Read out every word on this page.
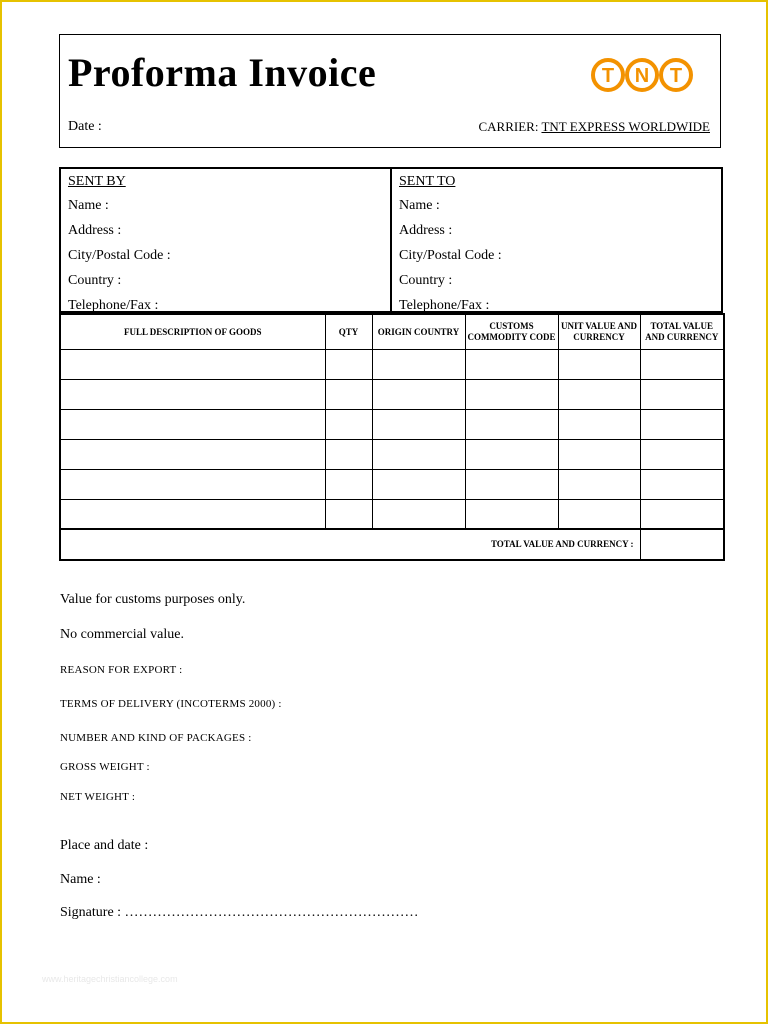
Proforma Invoice	T N T
Date :	CARRIER: TNT EXPRESS WORLDWIDE
SENT BY
Name :
Address :
City/Postal Code :
Country :
Telephone/Fax :
SENT TO
Name :
Address :
City/Postal Code :
Country :
Telephone/Fax :
FULL DESCRIPTION OF GOODS	QTY	ORIGIN COUNTRY	CUSTOMS COMMODITY CODE	UNIT VALUE AND CURRENCY	TOTAL VALUE AND CURRENCY

TOTAL VALUE AND CURRENCY :					
Value for customs purposes only.
No commercial value.
REASON FOR EXPORT :
TERMS OF DELIVERY (INCOTERMS 2000) :
NUMBER AND KIND OF PACKAGES :
GROSS WEIGHT :
NET WEIGHT :
Place and date :
Name :
Signature : ………………………………………………………
www.heritagechristiancollege.com
